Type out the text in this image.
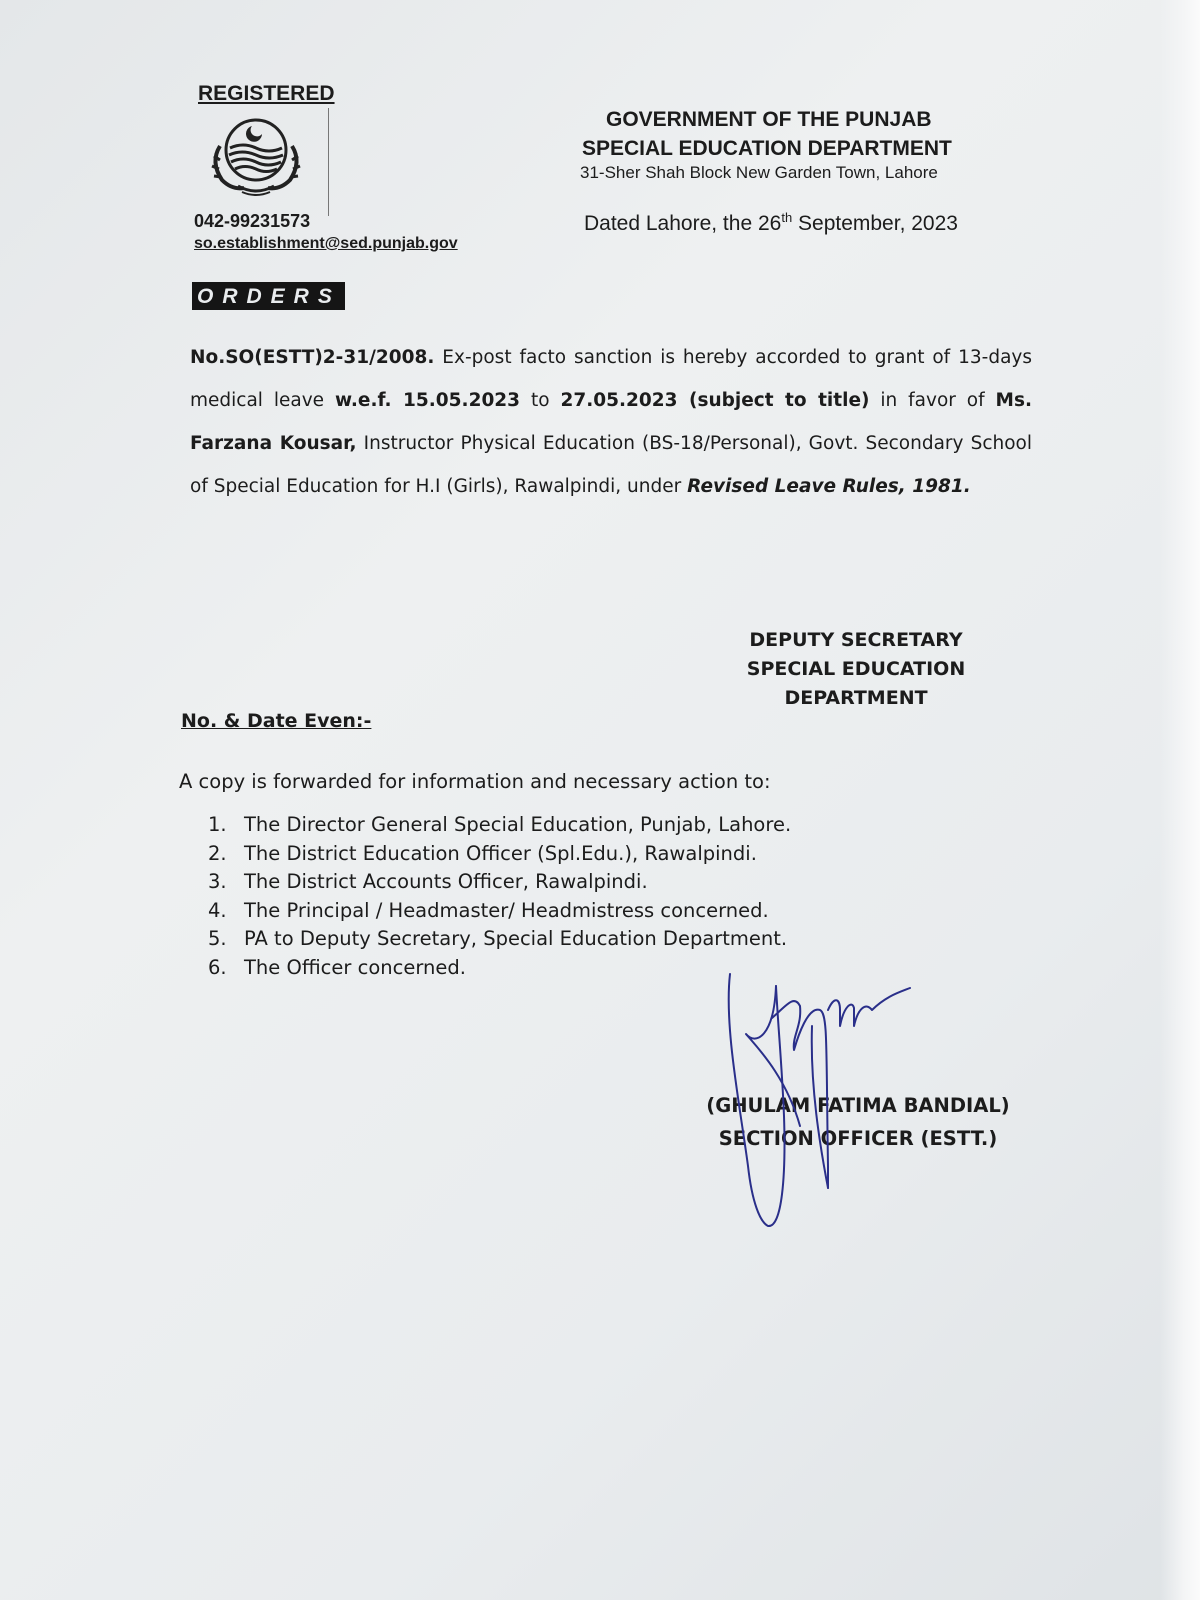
REGISTERED
042-99231573
so.establishment@sed.punjab.gov
GOVERNMENT OF THE PUNJAB
SPECIAL EDUCATION DEPARTMENT
31-Sher Shah Block New Garden Town, Lahore
Dated Lahore, the 26th September, 2023
ORDERS
No.SO(ESTT)2-31/2008. Ex-post facto sanction is hereby accorded to grant of 13-days medical leave w.e.f. 15.05.2023 to 27.05.2023 (subject to title) in favor of Ms. Farzana Kousar, Instructor Physical Education (BS-18/Personal), Govt. Secondary School of Special Education for H.I (Girls), Rawalpindi, under Revised Leave Rules, 1981.
DEPUTY SECRETARY
SPECIAL EDUCATION
DEPARTMENT
No. & Date Even:-
A copy is forwarded for information and necessary action to:
1. The Director General Special Education, Punjab, Lahore.
2. The District Education Officer (Spl.Edu.), Rawalpindi.
3. The District Accounts Officer, Rawalpindi.
4. The Principal / Headmaster/ Headmistress concerned.
5. PA to Deputy Secretary, Special Education Department.
6. The Officer concerned.
(GHULAM FATIMA BANDIAL)
SECTION OFFICER (ESTT.)
